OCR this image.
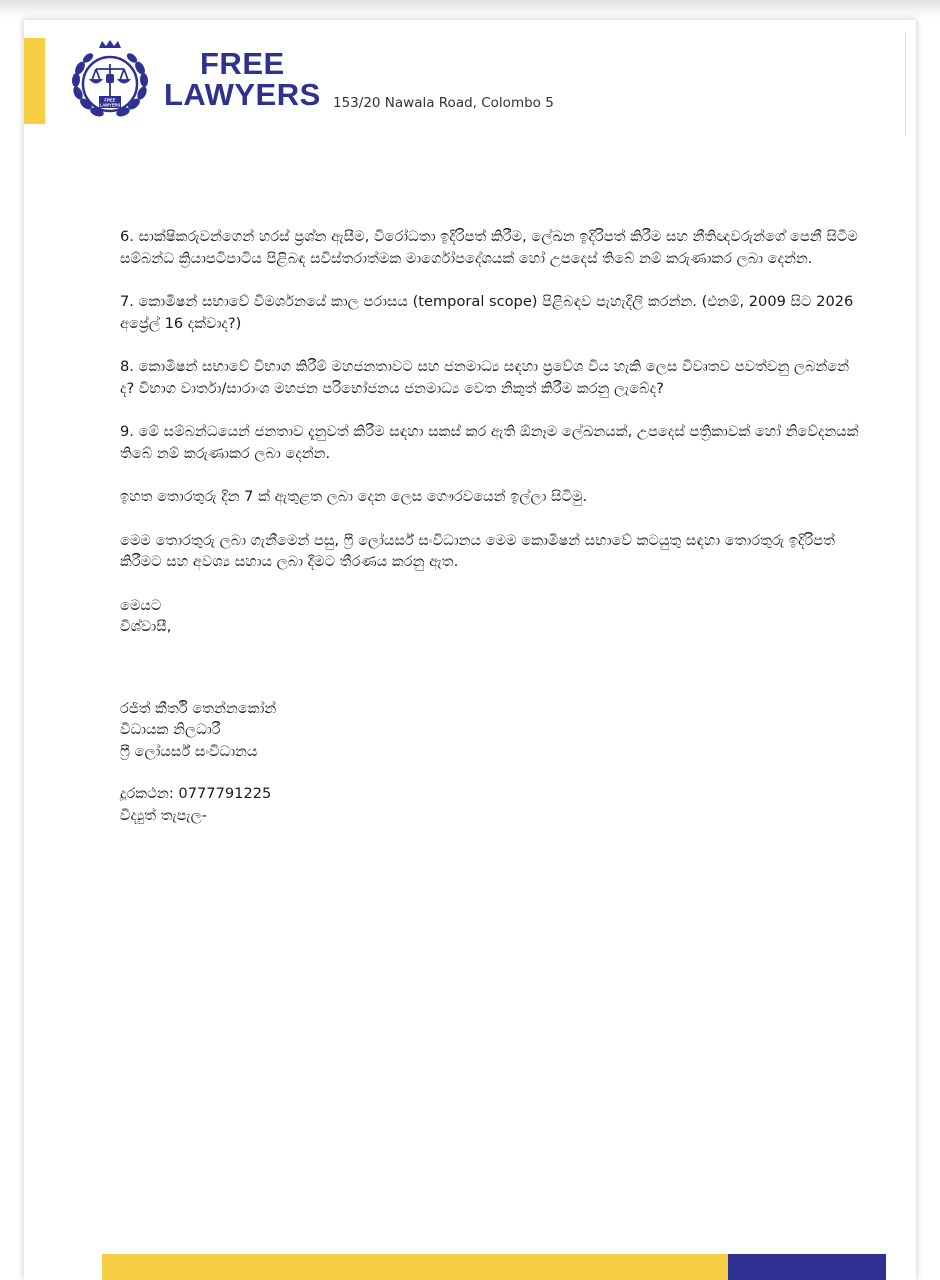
FREE
LAWYERS
FREE
LAWYERS 153/20 Nawala Road, Colombo 5

6. සාක්ෂිකරුවන්ගෙන් හරස් ප්‍රශ්න ඇසීම, විරෝධතා ඉදිරිපත් කිරීම, ලේඛන ඉදිරිපත් කිරීම සහ නීතිඥවරුන්ගේ පෙනී සිටීම සම්බන්ධ ක්‍රියාපටිපාටිය පිළිබඳ සවිස්තරාත්මක මාර්ගෝපදේශයක් හෝ උපදෙස් තිබේ නම් කරුණාකර ලබා දෙන්න.

7. කොමිෂන් සභාවේ විමර්ශනයේ කාල පරාසය (temporal scope) පිළිබඳව පැහැදිලි කරන්න. (එනම්, 2009 සිට 2026 අප්‍රේල් 16 දක්වාද?)

8. කොමිෂන් සභාවේ විභාග කිරීම් මහජනතාවට සහ ජනමාධ්‍ය සඳහා ප්‍රවේශ විය හැකි ලෙස විවෘතව පවත්වනු ලබන්නේ ද? විභාග වාර්තා/සාරාංශ මහජන පරිභෝජනය ජනමාධ්‍ය වෙත නිකුත් කිරීම කරනු ලැබේද?

9. මේ සම්බන්ධයෙන් ජනතාව දැනුවත් කිරීම සඳහා සකස් කර ඇති ඕනෑම ලේඛනයක්, උපදෙස් පත්‍රිකාවක් හෝ නිවේදනයක් තිබේ නම් කරුණාකර ලබා දෙන්න.

ඉහත තොරතුරු දින 7 ක් ඇතුළත ලබා දෙන ලෙස ගෞරවයෙන් ඉල්ලා සිටිමු.

මෙම තොරතුරු ලබා ගැනීමෙන් පසු, ෆ්‍රී ලෝයර්ස් සංවිධානය මෙම කොමිෂන් සභාවේ කටයුතු සඳහා තොරතුරු ඉදිරිපත් කිරීමට සහ අවශ්‍ය සහාය ලබා දීමට තීරණය කරනු ඇත.

මෙයට
විශ්වාසී,
රජිත් කීර්ති තෙන්නකෝන්
විධායක නිලධාරී
ෆ්‍රී ලෝයර්ස් සංවිධානය
දූරකථන: 0777791225
විද්‍යුත් තැපැල-
